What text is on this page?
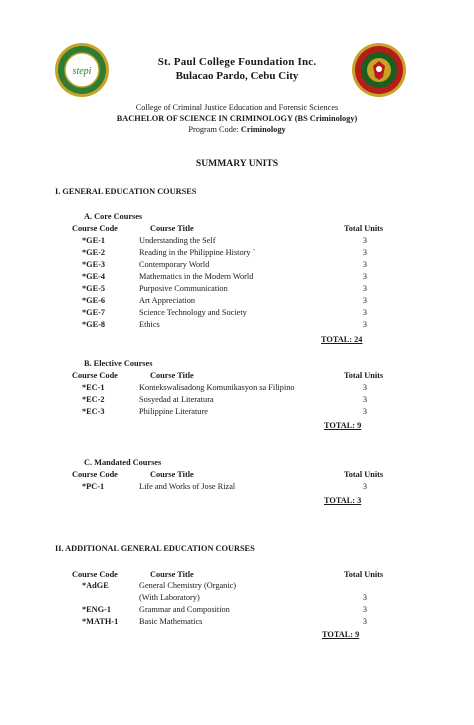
stepi
St. Paul College Foundation Inc.
Bulacao Pardo, Cebu City
College of Criminal Justice Education and Forensic Sciences
BACHELOR OF SCIENCE IN CRIMINOLOGY (BS Criminology)
Program Code: Criminology
SUMMARY UNITS
I. GENERAL EDUCATION COURSES
A. Core Courses
Course Code	Course Title	Total Units
*GE-1	Understanding the Self	3
*GE-2	Reading in the Philippine History `	3
*GE-3	Contemporary World	3
*GE-4	Mathematics in the Modern World	3
*GE-5	Purposive Communication	3
*GE-6	Art Appreciation	3
*GE-7	Science Technology and Society	3
*GE-8	Ethics	3
TOTAL: 24
B. Elective Courses
Course Code	Course Title	Total Units
*EC-1	Kontekswalisadong Komunikasyon sa Filipino	3
*EC-2	Sosyedad at Literatura	3
*EC-3	Philippine Literature	3
TOTAL: 9
C. Mandated Courses
Course Code	Course Title	Total Units
*PC-1	Life and Works of Jose Rizal	3
TOTAL: 3
II. ADDITIONAL GENERAL EDUCATION COURSES
Course Code	Course Title	Total Units
*AdGE	General Chemistry (Organic)
(With Laboratory)	3
*ENG-1	Grammar and Composition	3
*MATH-1 Basic Mathematics	3
TOTAL: 9
